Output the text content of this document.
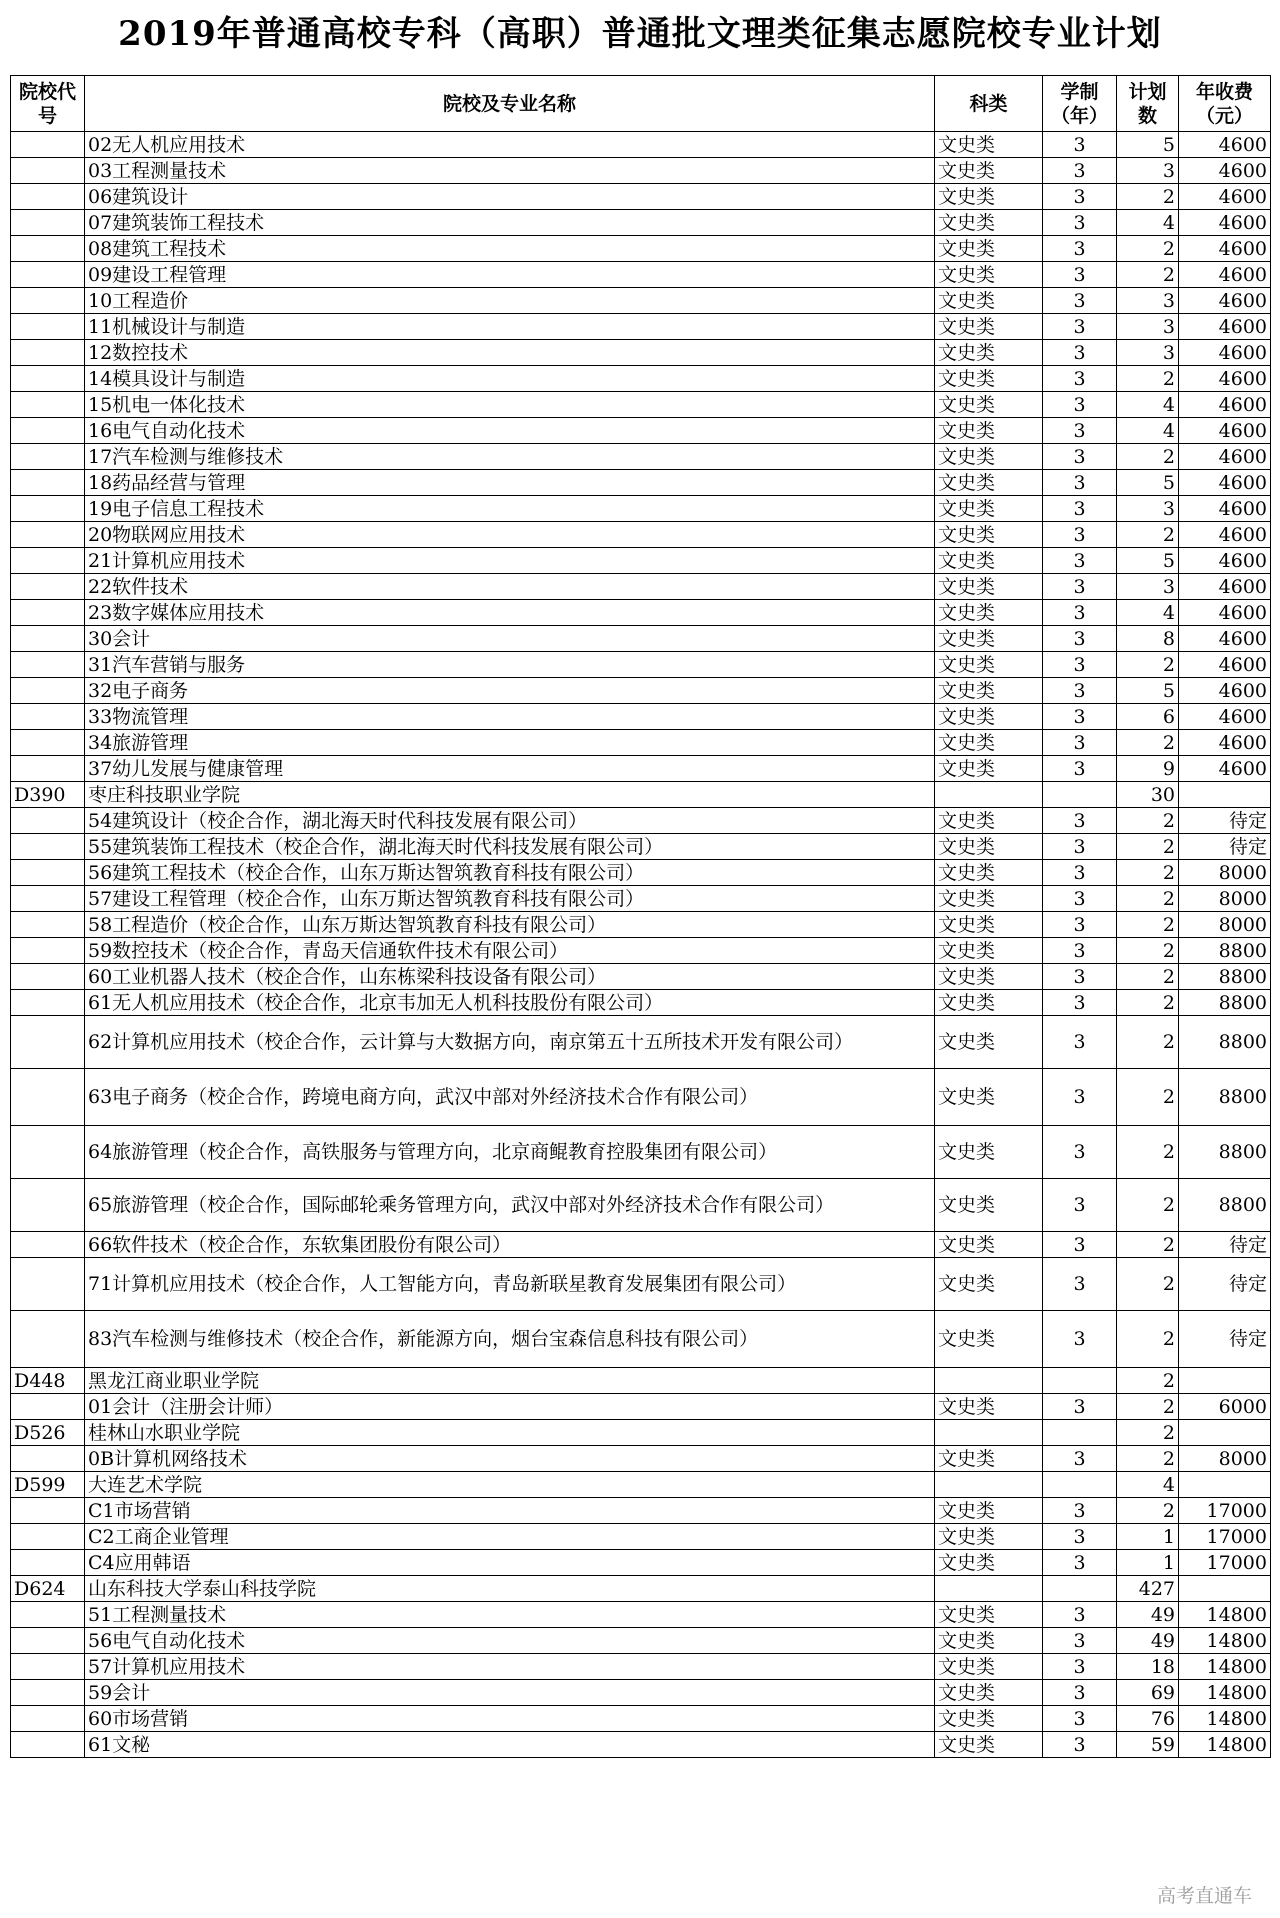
2019年普通高校专科（高职）普通批文理类征集志愿院校专业计划
院校代号	院校及专业名称	科类	学制（年）	计划数	年收费（元）
	02无人机应用技术	文史类	3	5	4600
	03工程测量技术	文史类	3	3	4600
	06建筑设计	文史类	3	2	4600
	07建筑装饰工程技术	文史类	3	4	4600
	08建筑工程技术	文史类	3	2	4600
	09建设工程管理	文史类	3	2	4600
	10工程造价	文史类	3	3	4600
	11机械设计与制造	文史类	3	3	4600
	12数控技术	文史类	3	3	4600
	14模具设计与制造	文史类	3	2	4600
	15机电一体化技术	文史类	3	4	4600
	16电气自动化技术	文史类	3	4	4600
	17汽车检测与维修技术	文史类	3	2	4600
	18药品经营与管理	文史类	3	5	4600
	19电子信息工程技术	文史类	3	3	4600
	20物联网应用技术	文史类	3	2	4600
	21计算机应用技术	文史类	3	5	4600
	22软件技术	文史类	3	3	4600
	23数字媒体应用技术	文史类	3	4	4600
	30会计	文史类	3	8	4600
	31汽车营销与服务	文史类	3	2	4600
	32电子商务	文史类	3	5	4600
	33物流管理	文史类	3	6	4600
	34旅游管理	文史类	3	2	4600
	37幼儿发展与健康管理	文史类	3	9	4600
D390	枣庄科技职业学院			30	
	54建筑设计（校企合作，湖北海天时代科技发展有限公司）	文史类	3	2	待定
	55建筑装饰工程技术（校企合作，湖北海天时代科技发展有限公司）	文史类	3	2	待定
	56建筑工程技术（校企合作，山东万斯达智筑教育科技有限公司）	文史类	3	2	8000
	57建设工程管理（校企合作，山东万斯达智筑教育科技有限公司）	文史类	3	2	8000
	58工程造价（校企合作，山东万斯达智筑教育科技有限公司）	文史类	3	2	8000
	59数控技术（校企合作，青岛天信通软件技术有限公司）	文史类	3	2	8800
	60工业机器人技术（校企合作，山东栋梁科技设备有限公司）	文史类	3	2	8800
	61无人机应用技术（校企合作，北京韦加无人机科技股份有限公司）	文史类	3	2	8800
	62计算机应用技术（校企合作，云计算与大数据方向，南京第五十五所技术开发有限公司）	文史类	3	2	8800
	63电子商务（校企合作，跨境电商方向，武汉中部对外经济技术合作有限公司）	文史类	3	2	8800
	64旅游管理（校企合作，高铁服务与管理方向，北京商鲲教育控股集团有限公司）	文史类	3	2	8800
	65旅游管理（校企合作，国际邮轮乘务管理方向，武汉中部对外经济技术合作有限公司）	文史类	3	2	8800
	66软件技术（校企合作，东软集团股份有限公司）	文史类	3	2	待定
	71计算机应用技术（校企合作，人工智能方向，青岛新联星教育发展集团有限公司）	文史类	3	2	待定
	83汽车检测与维修技术（校企合作，新能源方向，烟台宝森信息科技有限公司）	文史类	3	2	待定
D448	黑龙江商业职业学院			2	
	01会计（注册会计师）	文史类	3	2	6000
D526	桂林山水职业学院			2	
	0B计算机网络技术	文史类	3	2	8000
D599	大连艺术学院			4	
	C1市场营销	文史类	3	2	17000
	C2工商企业管理	文史类	3	1	17000
	C4应用韩语	文史类	3	1	17000
D624	山东科技大学泰山科技学院			427	
	51工程测量技术	文史类	3	49	14800
	56电气自动化技术	文史类	3	49	14800
	57计算机应用技术	文史类	3	18	14800
	59会计	文史类	3	69	14800
	60市场营销	文史类	3	76	14800
	61文秘	文史类	3	59	14800
高考直通车
